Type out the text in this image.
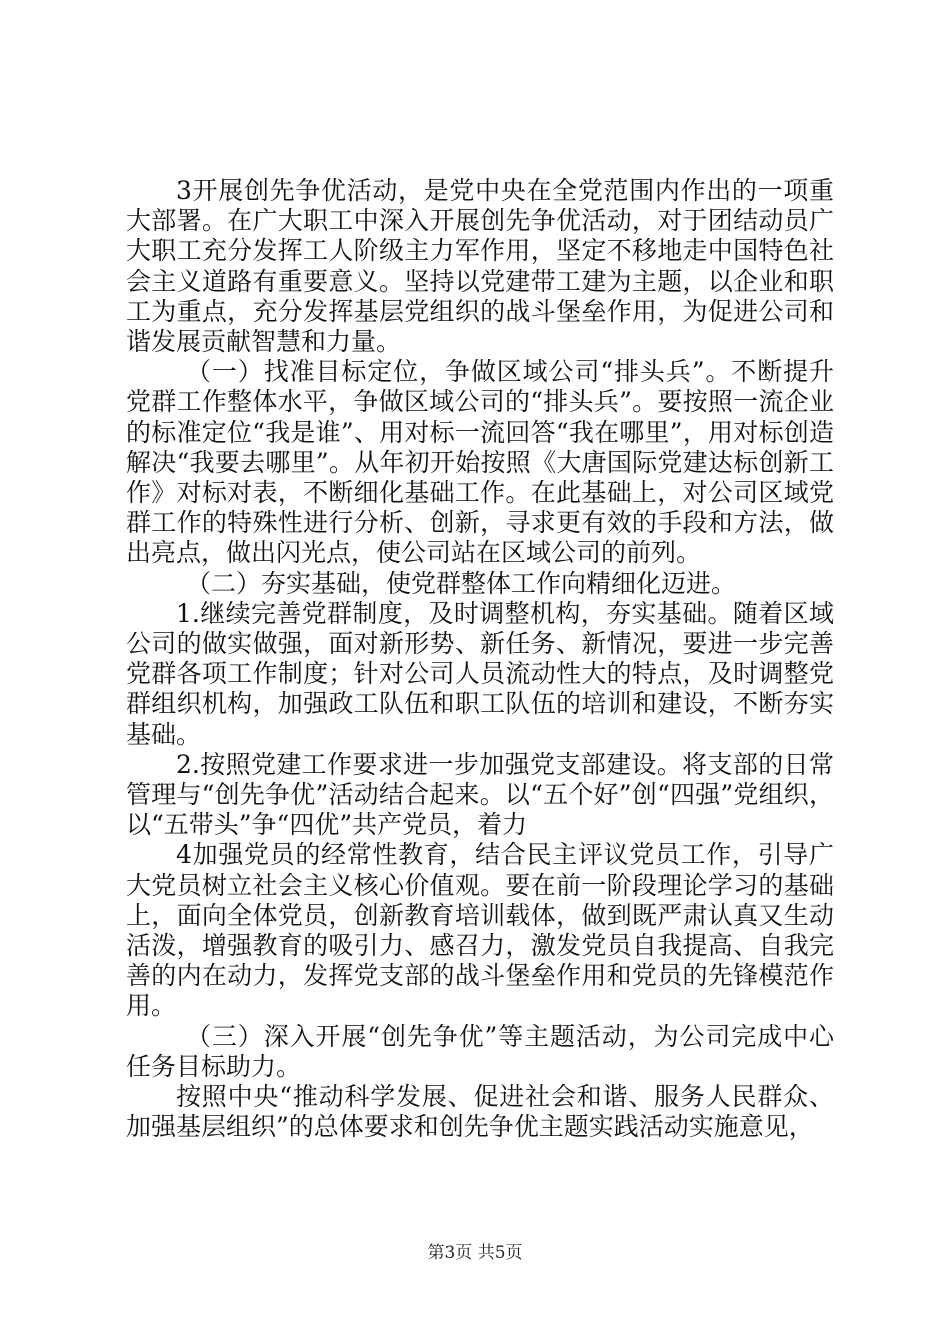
3开展创先争优活动，是党中央在全党范围内作出的一项重大部署。在广大职工中深入开展创先争优活动，对于团结动员广大职工充分发挥工人阶级主力军作用，坚定不移地走中国特色社会主义道路有重要意义。坚持以党建带工建为主题，以企业和职工为重点，充分发挥基层党组织的战斗堡垒作用，为促进公司和谐发展贡献智慧和力量。

（一）找准目标定位，争做区域公司“排头兵”。不断提升党群工作整体水平，争做区域公司的“排头兵”。要按照一流企业的标准定位“我是谁”、用对标一流回答“我在哪里”，用对标创造解决“我要去哪里”。从年初开始按照《大唐国际党建达标创新工作》对标对表，不断细化基础工作。在此基础上，对公司区域党群工作的特殊性进行分析、创新，寻求更有效的手段和方法，做出亮点，做出闪光点，使公司站在区域公司的前列。

（二）夯实基础，使党群整体工作向精细化迈进。

1.继续完善党群制度，及时调整机构，夯实基础。随着区域公司的做实做强，面对新形势、新任务、新情况，要进一步完善党群各项工作制度；针对公司人员流动性大的特点，及时调整党群组织机构，加强政工队伍和职工队伍的培训和建设，不断夯实基础。

2.按照党建工作要求进一步加强党支部建设。将支部的日常管理与“创先争优”活动结合起来。以“五个好”创“四强”党组织，以“五带头”争“四优”共产党员，着力

4加强党员的经常性教育，结合民主评议党员工作，引导广大党员树立社会主义核心价值观。要在前一阶段理论学习的基础上，面向全体党员，创新教育培训载体，做到既严肃认真又生动活泼，增强教育的吸引力、感召力，激发党员自我提高、自我完善的内在动力，发挥党支部的战斗堡垒作用和党员的先锋模范作用。

（三）深入开展“创先争优”等主题活动，为公司完成中心任务目标助力。

按照中央“推动科学发展、促进社会和谐、服务人民群众、加强基层组织”的总体要求和创先争优主题实践活动实施意见，

第3页 共5页
